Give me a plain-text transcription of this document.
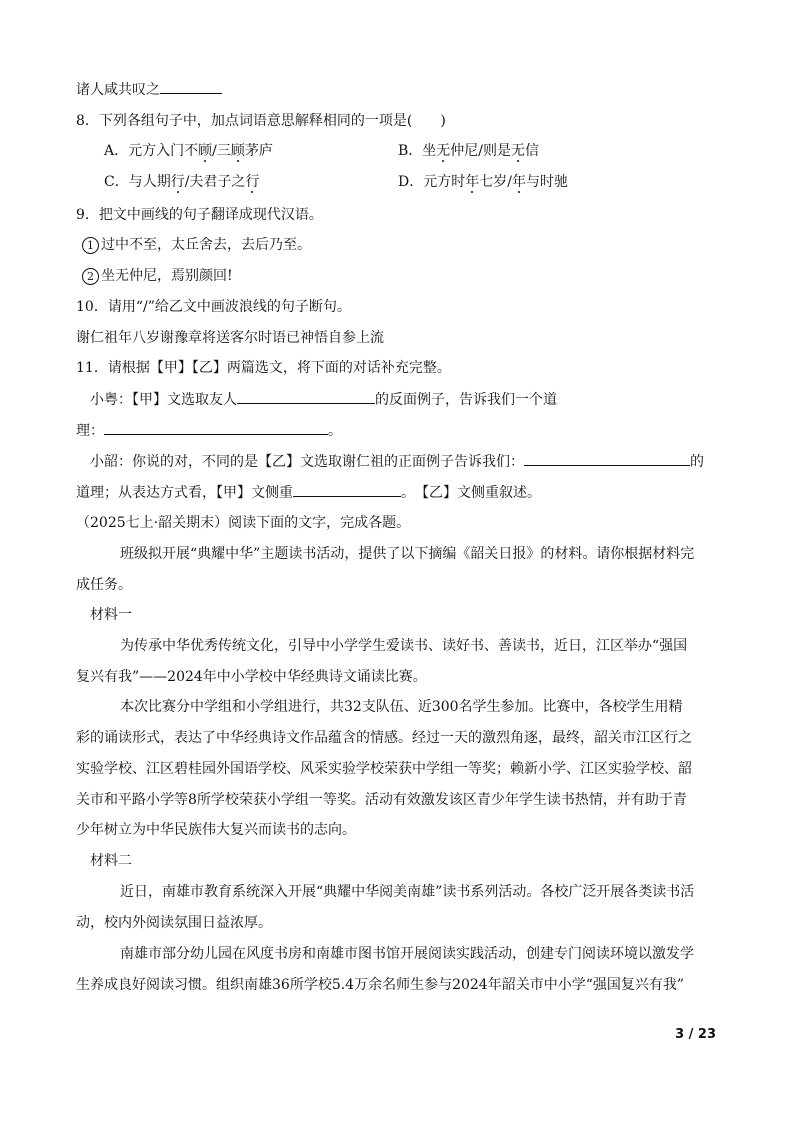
诸人咸共叹之
8．下列各组句子中，加点词语意思解释相同的一项是(　　)
A．元方入门不顾/三顾茅庐	B．坐无仲尼/则是无信
C．与人期行/夫君子之行	D．元方时年七岁/年与时驰
9．把文中画线的句子翻译成现代汉语。
1 过中不至，太丘舍去，去后乃至。
2 坐无仲尼，焉别颜回!
10．请用“/”给乙文中画波浪线的句子断句。
谢仁祖年八岁谢豫章将送客尔时语已神悟自参上流
11．请根据【甲】【乙】两篇选文，将下面的对话补充完整。
小粤：【甲】文选取友人	的反面例子，告诉我们一个道
理：	。
小韶：你说的对，不同的是【乙】文选取谢仁祖的正面例子告诉我们：	的
道理；从表达方式看，【甲】文侧重	。　【乙】文侧重叙述。
（2025七上·韶关期末）阅读下面的文字，完成各题。
班级拟开展“典耀中华”主题读书活动，提供了以下摘编《韶关日报》的材料。请你根据材料完
成任务。
材料一
为传承中华优秀传统文化，引导中小学学生爱读书、读好书、善读书，近日，江区举办“强国
复兴有我”——2024年中小学校中华经典诗文诵读比赛。
本次比赛分中学组和小学组进行，共32支队伍、近300名学生参加。比赛中，各校学生用精
彩的诵读形式，表达了中华经典诗文作品蕴含的情感。经过一天的激烈角逐，最终，韶关市江区行之
实验学校、江区碧桂园外国语学校、风采实验学校荣获中学组一等奖；赖新小学、江区实验学校、韶
关市和平路小学等8所学校荣获小学组一等奖。活动有效激发该区青少年学生读书热情，并有助于青
少年树立为中华民族伟大复兴而读书的志向。
材料二
近日，南雄市教育系统深入开展“典耀中华阅美南雄”读书系列活动。各校广泛开展各类读书活
动，校内外阅读氛围日益浓厚。
南雄市部分幼儿园在风度书房和南雄市图书馆开展阅读实践活动，创建专门阅读环境以激发学
生养成良好阅读习惯。组织南雄36所学校5.4万余名师生参与2024年韶关市中小学“强国复兴有我”
3 / 23
